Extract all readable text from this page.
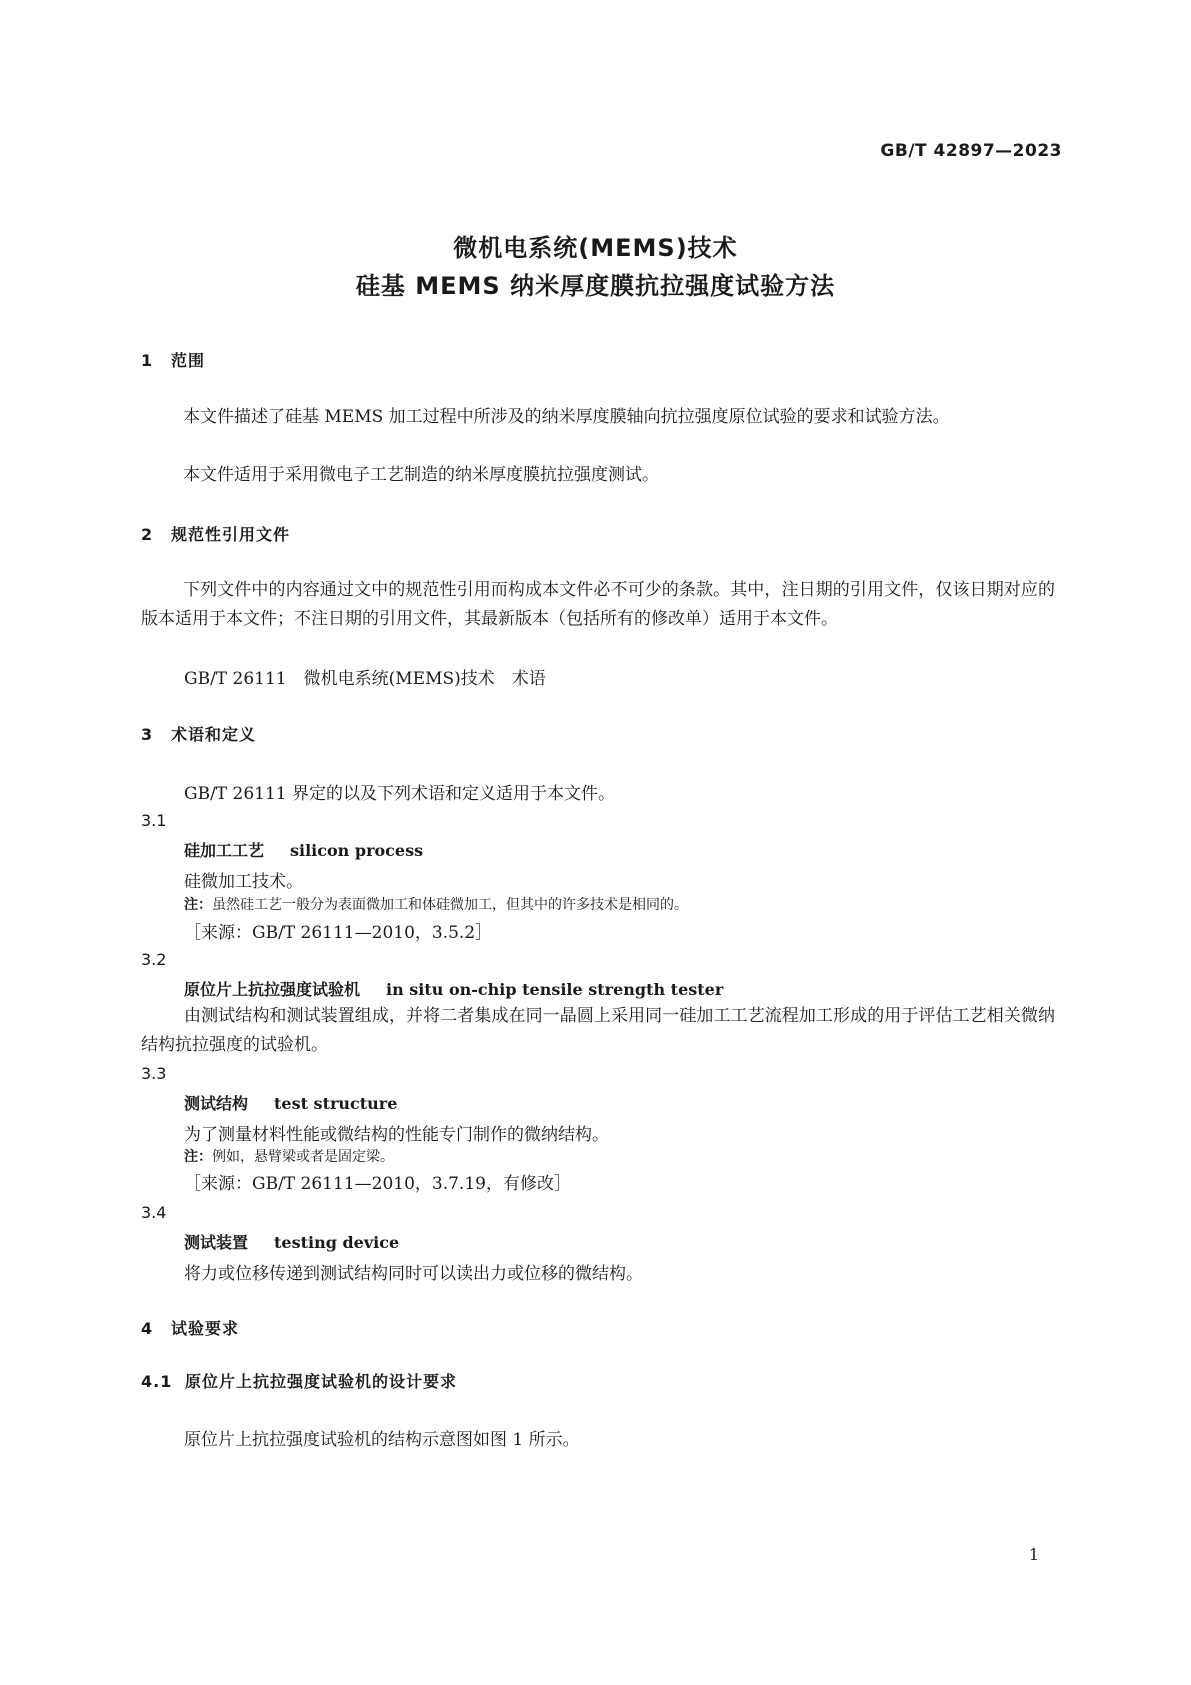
GB/T 42897—2023
微机电系统(MEMS)技术
硅基 MEMS 纳米厚度膜抗拉强度试验方法
1 范围
本文件描述了硅基 MEMS 加工过程中所涉及的纳米厚度膜轴向抗拉强度原位试验的要求和试验方法。
本文件适用于采用微电子工艺制造的纳米厚度膜抗拉强度测试。
2 规范性引用文件
下列文件中的内容通过文中的规范性引用而构成本文件必不可少的条款。其中，注日期的引用文件，仅该日期对应的版本适用于本文件；不注日期的引用文件，其最新版本（包括所有的修改单）适用于本文件。
GB/T 26111　微机电系统(MEMS)技术　术语
3 术语和定义
GB/T 26111 界定的以及下列术语和定义适用于本文件。
3.1
硅加工工艺 silicon process
硅微加工技术。
注：虽然硅工艺一般分为表面微加工和体硅微加工，但其中的许多技术是相同的。
［来源：GB/T 26111—2010，3.5.2］
3.2
原位片上抗拉强度试验机 in situ on-chip tensile strength tester
由测试结构和测试装置组成，并将二者集成在同一晶圆上采用同一硅加工工艺流程加工形成的用于评估工艺相关微纳结构抗拉强度的试验机。
3.3
测试结构 test structure
为了测量材料性能或微结构的性能专门制作的微纳结构。
注：例如，悬臂梁或者是固定梁。
［来源：GB/T 26111—2010，3.7.19，有修改］
3.4
测试装置 testing device
将力或位移传递到测试结构同时可以读出力或位移的微结构。
4 试验要求
4.1 原位片上抗拉强度试验机的设计要求
原位片上抗拉强度试验机的结构示意图如图 1 所示。
1
